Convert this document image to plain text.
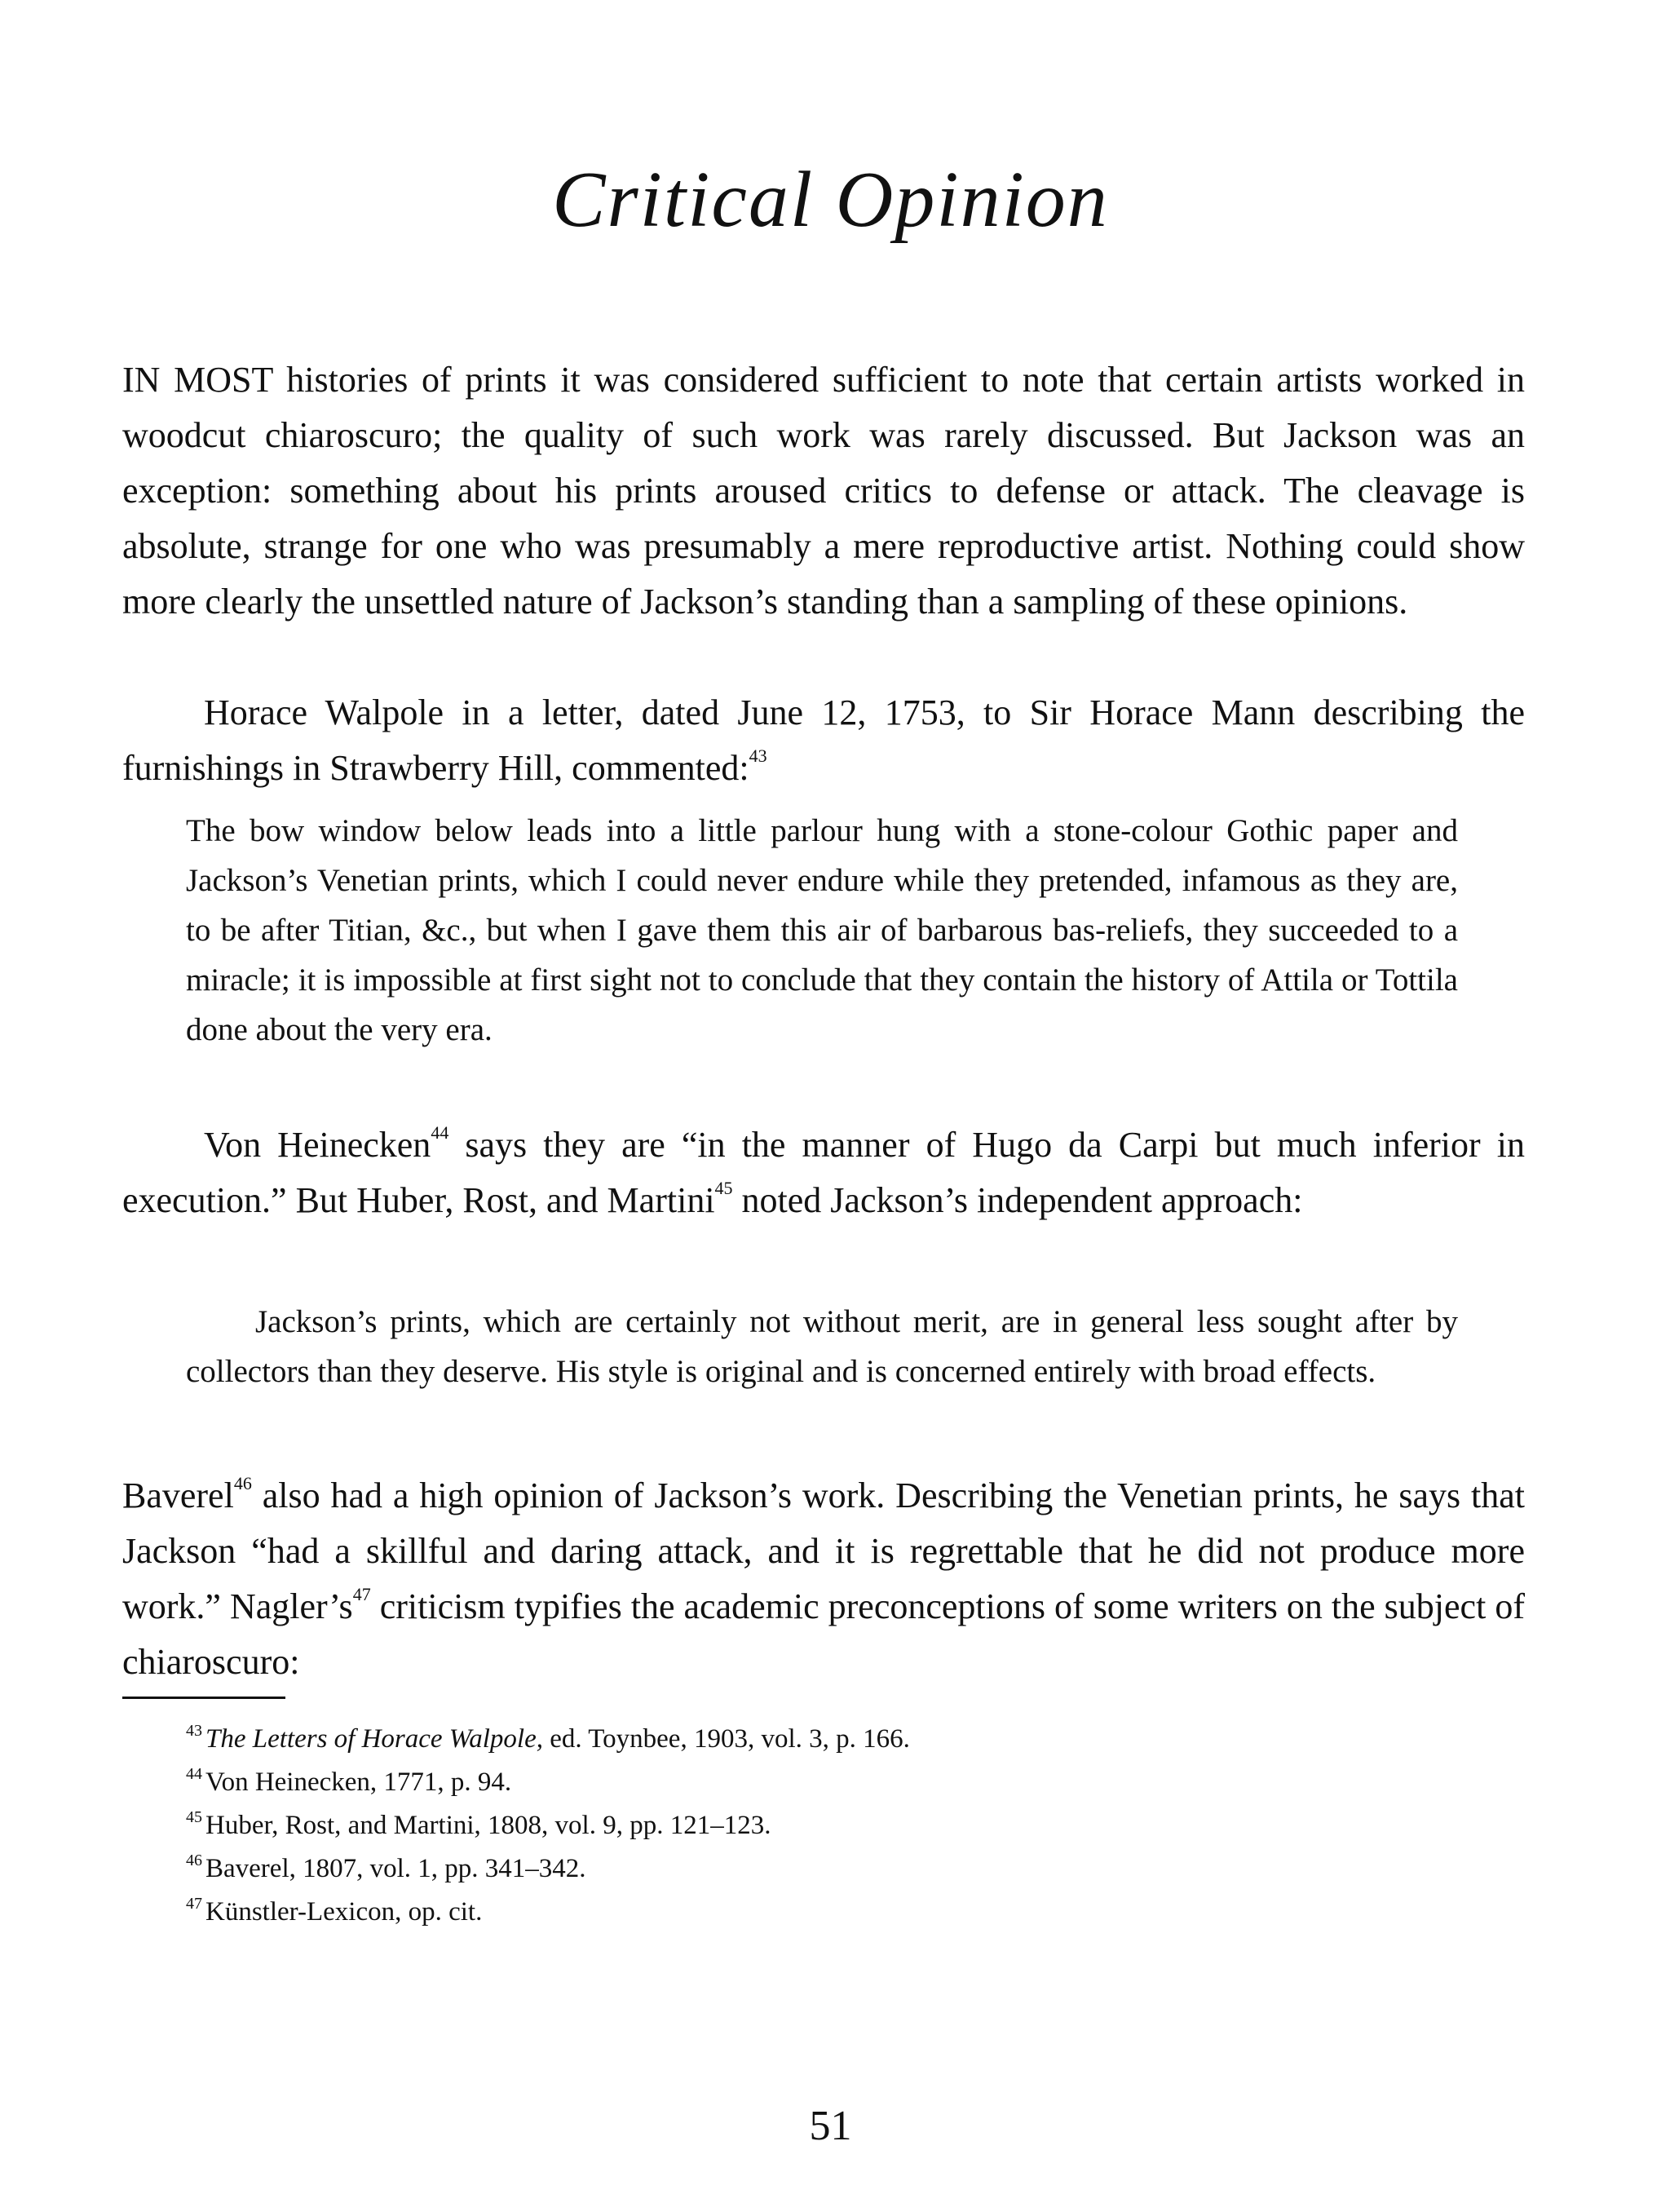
Critical Opinion

IN MOST histories of prints it was considered sufficient to note that certain artists worked in woodcut chiaroscuro; the quality of such work was rarely discussed. But Jackson was an exception: something about his prints aroused critics to defense or attack. The cleavage is absolute, strange for one who was presumably a mere reproductive artist. Nothing could show more clearly the unsettled nature of Jackson’s standing than a sampling of these opinions.

Horace Walpole in a letter, dated June 12, 1753, to Sir Horace Mann describing the furnishings in Strawberry Hill, commented:$^{43}$

The bow window below leads into a little parlour hung with a stone-colour Gothic paper and Jackson’s Venetian prints, which I could never endure while they pretended, infamous as they are, to be after Titian, &c., but when I gave them this air of barbarous bas-reliefs, they succeeded to a miracle; it is impossible at first sight not to conclude that they contain the history of Attila or Tottila done about the very era.

Von Heinecken$^{44}$ says they are “in the manner of Hugo da Carpi but much inferior in execution.” But Huber, Rost, and Martini$^{45}$ noted Jackson’s independent approach:

Jackson’s prints, which are certainly not without merit, are in general less sought after by collectors than they deserve. His style is original and is concerned entirely with broad effects.

Baverel$^{46}$ also had a high opinion of Jackson’s work. Describing the Venetian prints, he says that Jackson “had a skillful and daring attack, and it is regrettable that he did not produce more work.” Nagler’s$^{47}$ criticism typifies the academic preconceptions of some writers on the subject of chiaroscuro:

$^{43}$ The Letters of Horace Walpole, ed. Toynbee, 1903, vol. 3, p. 166.
$^{44}$ Von Heinecken, 1771, p. 94.
$^{45}$ Huber, Rost, and Martini, 1808, vol. 9, pp. 121–123.
$^{46}$ Baverel, 1807, vol. 1, pp. 341–342.
$^{47}$ Künstler-Lexicon, op. cit.
51
